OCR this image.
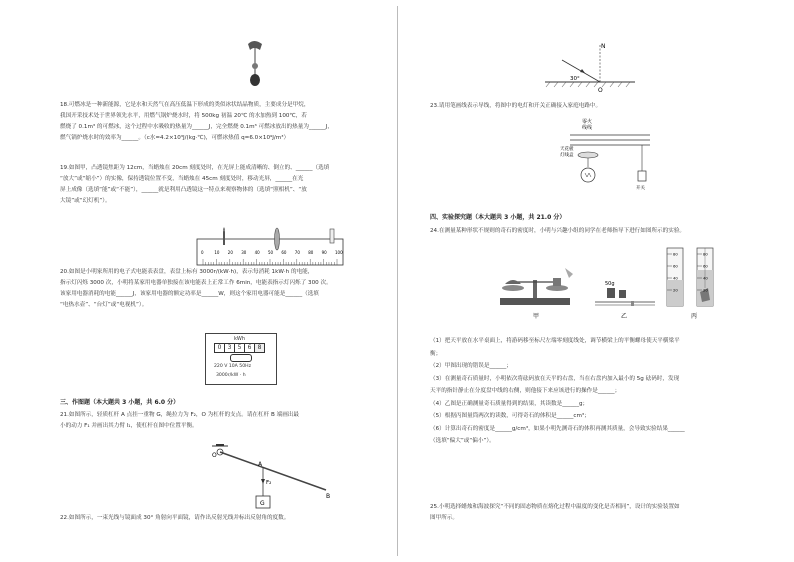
18.可燃冰是一种新能源，它是水和天然气在高压低温下形成的类似冰状结晶物质，主要成分是甲烷，
我国开采技术处于世界领先水平，用燃气锅炉烧水时，将 500kg 初温 20℃ 的水加热到 100℃，若
燃烧了 0.1m³ 的可燃冰，这个过程中水吸收的热量为______J，完全燃烧 0.1m³ 可燃冰放出的热量为______J，
燃气锅炉烧水时的效率为______。（c水=4.2×10³J/(kg·℃)，可燃冰热值 q=6.0×10⁹J/m³）
19.如图甲，凸透镜焦距为 12cm，当蜡烛在 20cm 刻度处时，在光屏上能成清晰的、倒立的、______（选填
“放大”或“缩小”）的实像，保持透镜位置不变，当蜡烛在 45cm 刻度处时，移动光屏，______在光
屏上成像（选填“能”或“不能”），______就是利用凸透镜这一特点来观察物体的（选填“照相机”、“放
大镜”或“幻灯机”）。
0	10 20 30 40 50 60 70 80 90 100
20.如图是小明家所用的电子式电能表表盘，表盘上标有 3000r/(kW·h)，表示每消耗 1kW·h 的电能，
指示灯闪烁 3000 次，小明将某家用电器单独接在该电能表上正常工作 6min，电能表指示灯闪烁了 300 次。
该家用电器消耗的电能______J，该家用电器的额定功率是______W，则这个家用电器可能是______（选填
“电热水壶”、“台灯”或“电视机”）。
kWh
0	3	5	6	8
220 V 10A 50Hz
3000r/kW · h
三、作图题（本大题共 3 小题，共 6.0 分）
21.如图所示，轻质杠杆 A 点挂一重物 G，绳拉力为 F₂，O 为杠杆的支点。请在杠杆 B 端画出最
小的动力 F₁ 并画出其力臂 l₁，使杠杆在图中位置平衡。
O
A
B
F₂
G
22.如图所示，一束光线与镜面成 30° 角射向平面镜，请作出反射光线并标出反射角的度数。
N
30°
O
23.请用笔画线表示导线，将图中的电灯和开关正确接入家庭电路中。
零火
线线
天花板
灯线盒
开关
四、实验探究题（本大题共 3 小题，共 21.0 分）
24.在测量某种形状不规则的奇石的密度时，小明与兴趣小组的同学在老师指导下进行如图所示的实验。
甲
50g
乙
80	80
60	60
40	40
20	20
丙
（1）把天平放在水平桌面上，将游码移至标尺左端零刻度线处，调节横梁上的平衡螺母使天平横梁平
衡；
（2）甲图出现的错误是______；
（3）在测量奇石质量时，小明依次将砝码放在天平的右盘，当在右盘内加入最小的 5g 砝码时，发现
天平的指针静止在分度盘中线的右侧，则他接下来应该进行的操作是______；
（4）乙图是正确测量奇石质量得到的结果，其读数是______g；
（5）根据丙图量筒两次的读数，可得奇石的体积是______cm³；
（6）计算出奇石的密度是______g/cm³，如果小明先测奇石的体积再测其质量，会导致实验结果______
（选填“偏大”或“偏小”）。
25.小明选择蜡烛和海波探究“不同的固态物质在熔化过程中温度的变化是否相同”，设计的实验装置如
图甲所示。
